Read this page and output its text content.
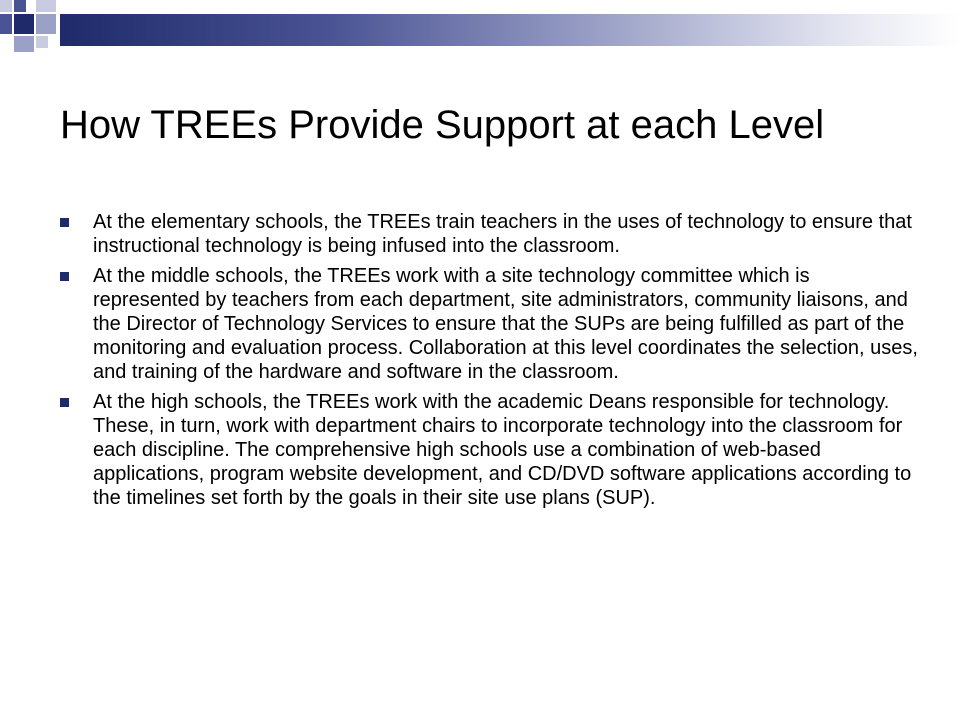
How TREEs Provide Support at each Level
At the elementary schools, the TREEs train teachers in the uses of technology to ensure that instructional technology is being infused into the classroom.
At the middle schools, the TREEs work with a site technology committee which is represented by teachers from each department, site administrators, community liaisons, and the Director of Technology Services to ensure that the SUPs are being fulfilled as part of the monitoring and evaluation process. Collaboration at this level coordinates the selection, uses, and training of the hardware and software in the classroom.
At the high schools, the TREEs work with the academic Deans responsible for technology. These, in turn, work with department chairs to incorporate technology into the classroom for each discipline. The comprehensive high schools use a combination of web-based applications, program website development, and CD/DVD software applications according to the timelines set forth by the goals in their site use plans (SUP).
